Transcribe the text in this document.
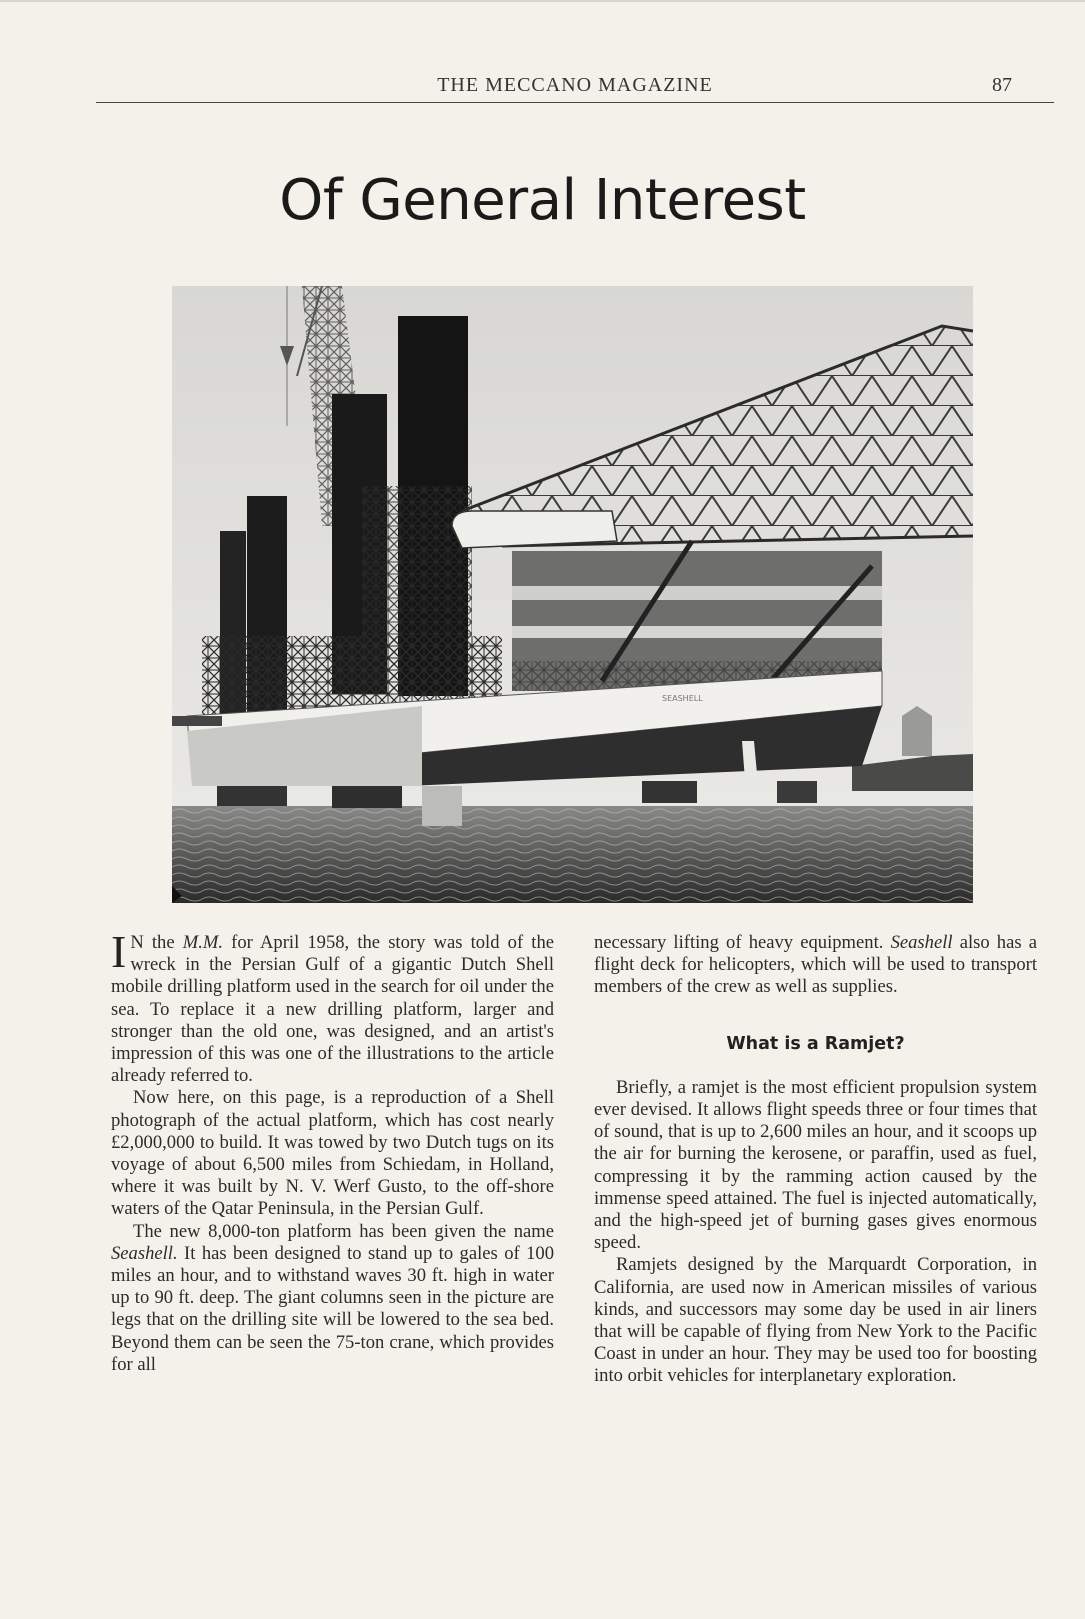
THE MECCANO MAGAZINE	87
Of General Interest
SEASHELL

I N the M.M. for April 1958, the story was told of the wreck in the Persian Gulf of a gigantic Dutch Shell mobile drilling platform used in the search for oil under the sea. To replace it a new drilling platform, larger and stronger than the old one, was designed, and an artist's impression of this was one of the illustrations to the article already referred to.

Now here, on this page, is a reproduction of a Shell photograph of the actual platform, which has cost nearly £2,000,000 to build. It was towed by two Dutch tugs on its voyage of about 6,500 miles from Schiedam, in Holland, where it was built by N. V. Werf Gusto, to the off-shore waters of the Qatar Peninsula, in the Persian Gulf.

The new 8,000-ton platform has been given the name Seashell. It has been designed to stand up to gales of 100 miles an hour, and to withstand waves 30 ft. high in water up to 90 ft. deep. The giant columns seen in the picture are legs that on the drilling site will be lowered to the sea bed. Beyond them can be seen the 75-ton crane, which provides for all

necessary lifting of heavy equipment. Seashell also has a flight deck for helicopters, which will be used to transport members of the crew as well as supplies.

What is a Ramjet?

Briefly, a ramjet is the most efficient propulsion system ever devised. It allows flight speeds three or four times that of sound, that is up to 2,600 miles an hour, and it scoops up the air for burning the kerosene, or paraffin, used as fuel, compressing it by the ramming action caused by the immense speed attained. The fuel is injected automatically, and the high-speed jet of burning gases gives enormous speed.

Ramjets designed by the Marquardt Corporation, in California, are used now in American missiles of various kinds, and successors may some day be used in air liners that will be capable of flying from New York to the Pacific Coast in under an hour. They may be used too for boosting into orbit vehicles for interplanetary exploration.
